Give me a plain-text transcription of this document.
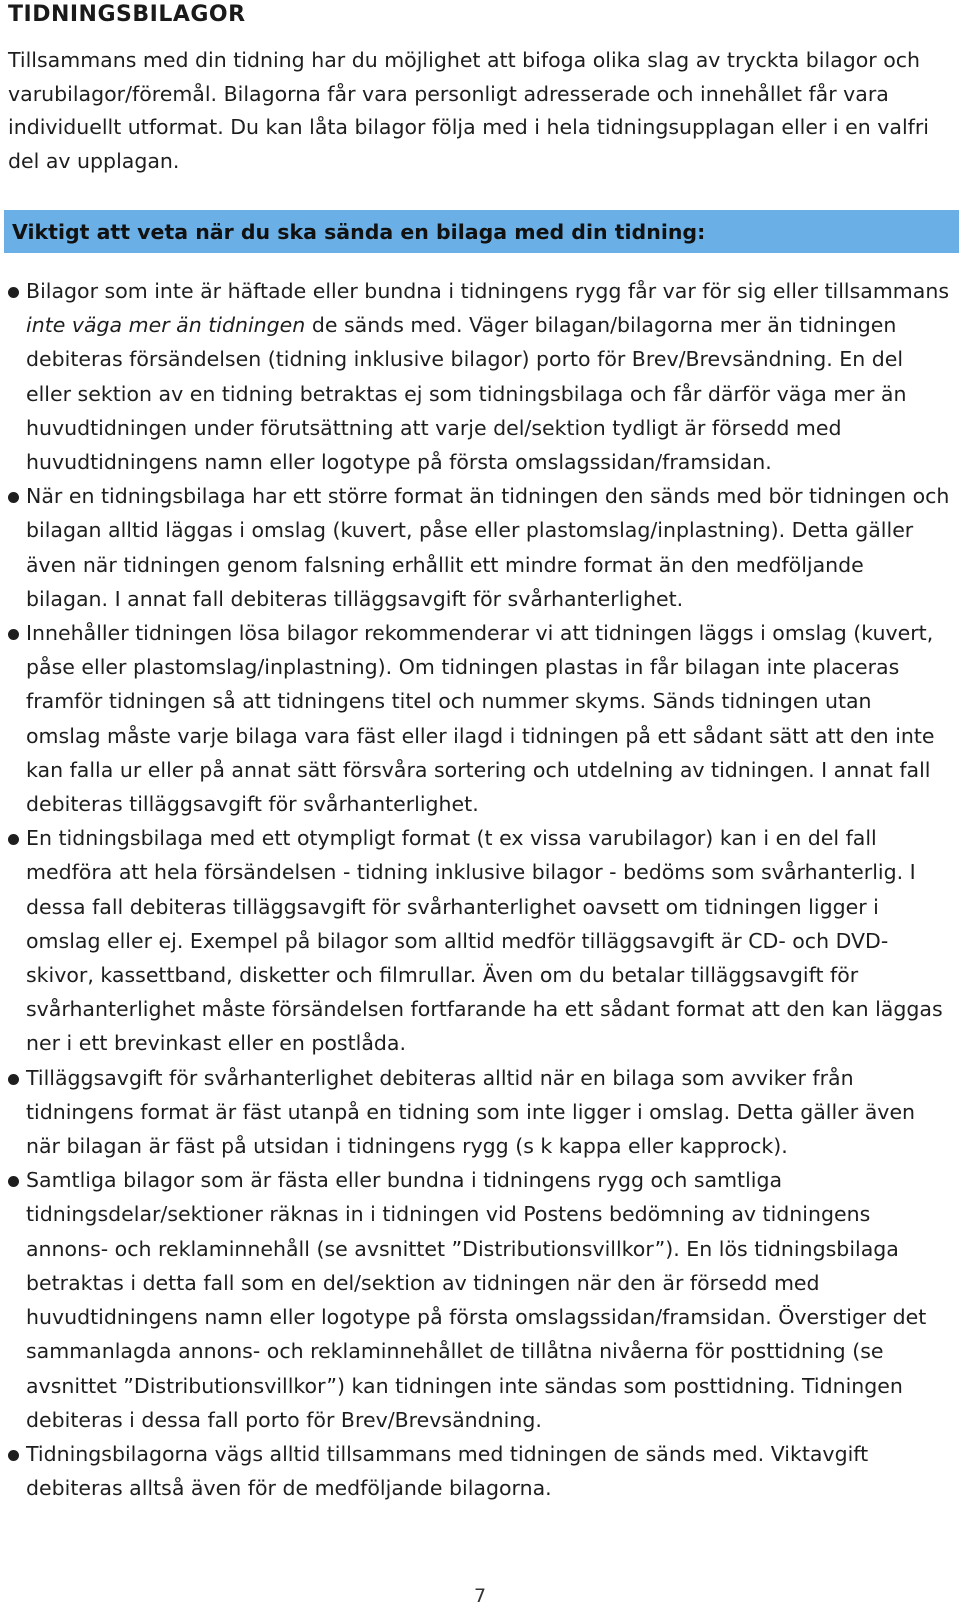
TIDNINGSBILAGOR

Tillsammans med din tidning har du möjlighet att bifoga olika slag av tryckta bilagor och varubilagor/föremål. Bilagorna får vara personligt adresserade och innehållet får vara individuellt utformat. Du kan låta bilagor följa med i hela tidningsupplagan eller i en valfri del av upplagan.

Viktigt att veta när du ska sända en bilaga med din tidning:
Bilagor som inte är häftade eller bundna i tidningens rygg får var för sig eller tillsammans inte väga mer än tidningen de sänds med. Väger bilagan/bilagorna mer än tidningen debiteras försändelsen (tidning inklusive bilagor) porto för Brev/Brevsändning. En del eller sektion av en tidning betraktas ej som tidningsbilaga och får därför väga mer än huvudtidningen under förutsättning att varje del/sektion tydligt är försedd med huvudtidningens namn eller logotype på första omslagssidan/framsidan.
När en tidningsbilaga har ett större format än tidningen den sänds med bör tidningen och bilagan alltid läggas i omslag (kuvert, påse eller plastomslag/inplastning). Detta gäller även när tidningen genom falsning erhållit ett mindre format än den medföljande bilagan. I annat fall debiteras tilläggsavgift för svårhanterlighet.
Innehåller tidningen lösa bilagor rekommenderar vi att tidningen läggs i omslag (kuvert, påse eller plastomslag/inplastning). Om tidningen plastas in får bilagan inte placeras framför tidningen så att tidningens titel och nummer skyms. Sänds tidningen utan omslag måste varje bilaga vara fäst eller ilagd i tidningen på ett sådant sätt att den inte kan falla ur eller på annat sätt försvåra sortering och utdelning av tidningen. I annat fall debiteras tilläggsavgift för svårhanterlighet.
En tidningsbilaga med ett otympligt format (t ex vissa varubilagor) kan i en del fall medföra att hela försändelsen - tidning inklusive bilagor - bedöms som svårhanterlig. I dessa fall debiteras tilläggsavgift för svårhanterlighet oavsett om tidningen ligger i omslag eller ej. Exempel på bilagor som alltid medför tilläggsavgift är CD- och DVD-skivor, kassettband, disketter och filmrullar. Även om du betalar tilläggsavgift för svårhanterlighet måste försändelsen fortfarande ha ett sådant format att den kan läggas ner i ett brevinkast eller en postlåda.
Tilläggsavgift för svårhanterlighet debiteras alltid när en bilaga som avviker från tidningens format är fäst utanpå en tidning som inte ligger i omslag. Detta gäller även när bilagan är fäst på utsidan i tidningens rygg (s k kappa eller kapprock).
Samtliga bilagor som är fästa eller bundna i tidningens rygg och samtliga tidningsdelar/sektioner räknas in i tidningen vid Postens bedömning av tidningens annons- och reklaminnehåll (se avsnittet ”Distributionsvillkor”). En lös tidningsbilaga betraktas i detta fall som en del/sektion av tidningen när den är försedd med huvudtidningens namn eller logotype på första omslagssidan/framsidan. Överstiger det sammanlagda annons- och reklaminnehållet de tillåtna nivåerna för posttidning (se avsnittet ”Distributionsvillkor”) kan tidningen inte sändas som posttidning. Tidningen debiteras i dessa fall porto för Brev/Brevsändning.
Tidningsbilagorna vägs alltid tillsammans med tidningen de sänds med. Viktavgift debiteras alltså även för de medföljande bilagorna.
7
